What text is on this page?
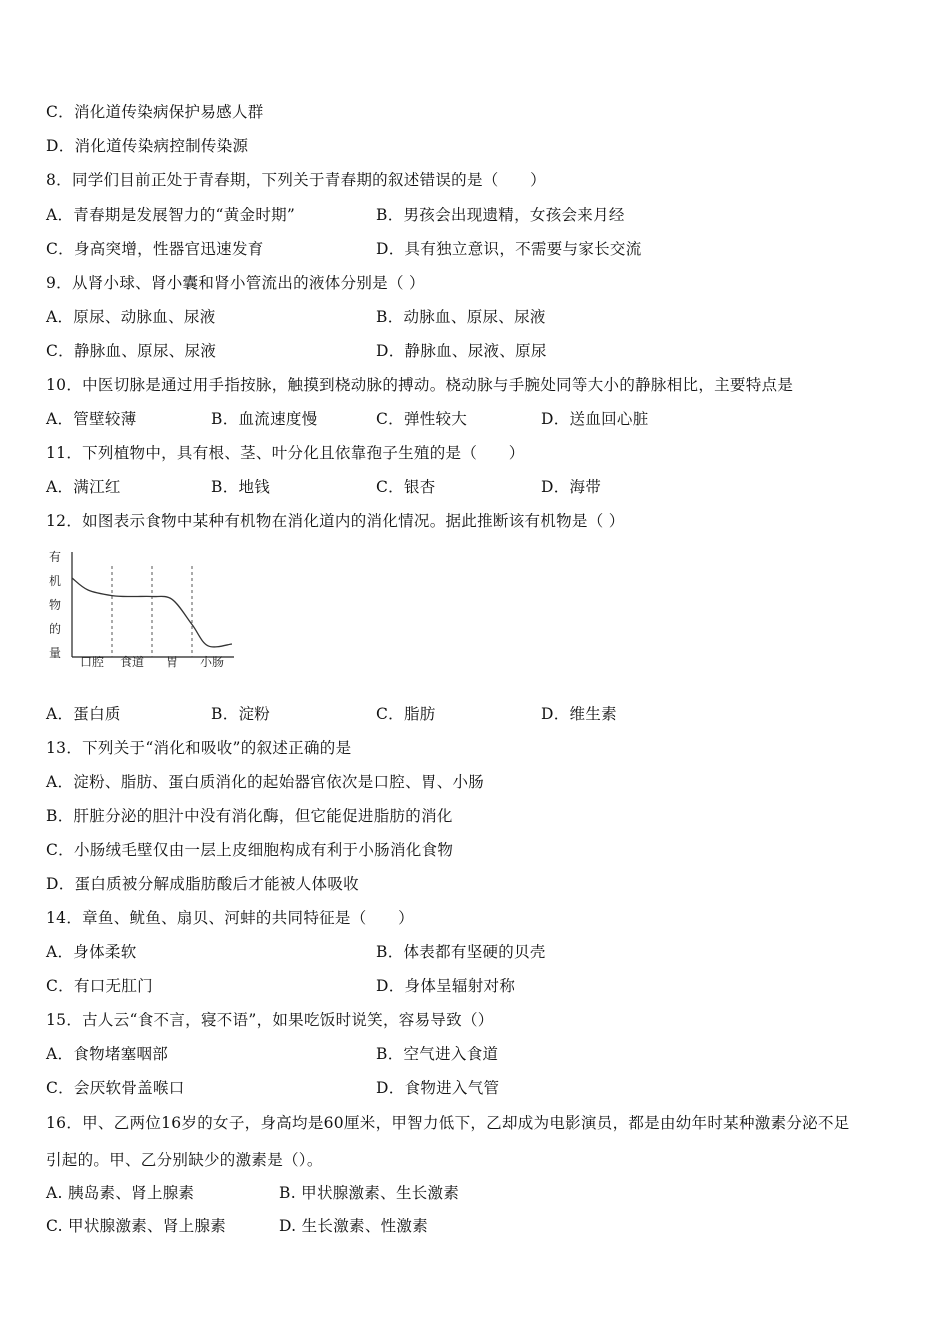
C．消化道传染病保护易感人群
D．消化道传染病控制传染源
8．同学们目前正处于青春期，下列关于青春期的叙述错误的是（　　）
A．青春期是发展智力的“黄金时期”	B．男孩会出现遗精，女孩会来月经
C．身高突增，性器官迅速发育	D．具有独立意识，不需要与家长交流
9．从肾小球、肾小囊和肾小管流出的液体分别是（ ）
A．原尿、动脉血、尿液	B．动脉血、原尿、尿液
C．静脉血、原尿、尿液	D．静脉血、尿液、原尿
10．中医切脉是通过用手指按脉，触摸到桡动脉的搏动。桡动脉与手腕处同等大小的静脉相比，主要特点是
A．管壁较薄	B．血流速度慢	C．弹性较大	D．送血回心脏
11．下列植物中，具有根、茎、叶分化且依靠孢子生殖的是（　　）
A．满江红	B．地钱	C．银杏	D．海带
12．如图表示食物中某种有机物在消化道内的消化情况。据此推断该有机物是（ ）
有
机
物
的
量
口腔 食道 胃 小肠
A．蛋白质	B．淀粉	C．脂肪	D．维生素
13．下列关于“消化和吸收”的叙述正确的是
A．淀粉、脂肪、蛋白质消化的起始器官依次是口腔、胃、小肠
B．肝脏分泌的胆汁中没有消化酶，但它能促进脂肪的消化
C．小肠绒毛壁仅由一层上皮细胞构成有利于小肠消化食物
D．蛋白质被分解成脂肪酸后才能被人体吸收
14．章鱼、鱿鱼、扇贝、河蚌的共同特征是（　　）
A．身体柔软	B．体表都有坚硬的贝壳
C．有口无肛门	D．身体呈辐射对称
15．古人云“食不言，寝不语”，如果吃饭时说笑，容易导致（）
A．食物堵塞咽部	B．空气进入食道
C．会厌软骨盖喉口	D．食物进入气管
16．甲、乙两位16岁的女子，身高均是60厘米，甲智力低下，乙却成为电影演员，都是由幼年时某种激素分泌不足
引起的。甲、乙分别缺少的激素是（）。
A. 胰岛素、肾上腺素	B. 甲状腺激素、生长激素
C. 甲状腺激素、肾上腺素	D. 生长激素、性激素
